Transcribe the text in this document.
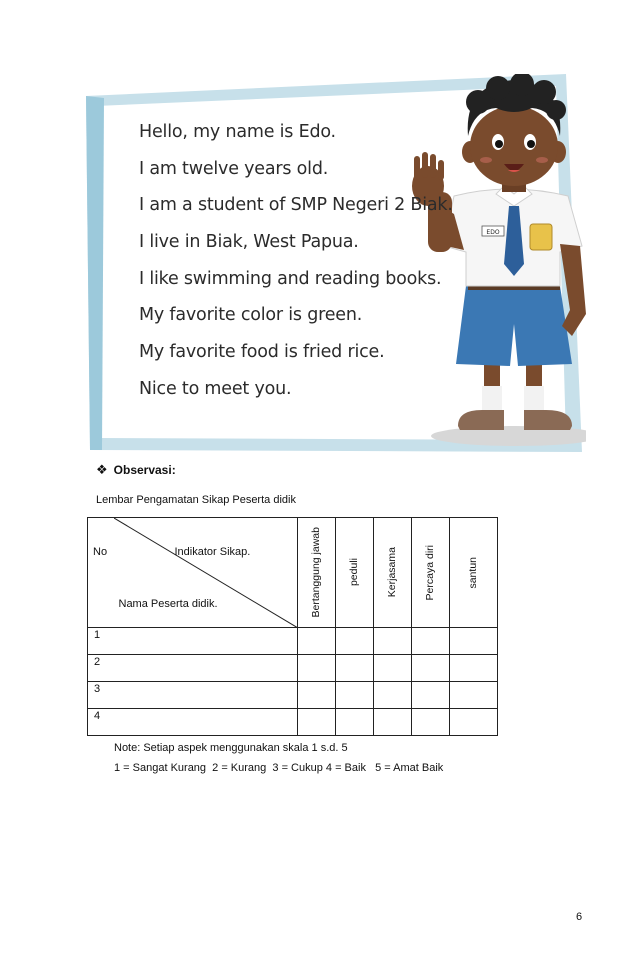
EDO
Hello, my name is Edo.
I am twelve years old.
I am a student of SMP Negeri 2 Biak.
I live in Biak, West Papua.
I like swimming and reading books.
My favorite color is green.
My favorite food is fried rice.
Nice to meet you.
❖ Observasi:
Lembar Pengamatan Sikap Peserta didik
No	Indikator Sikap.
Nama Peserta didik.	Bertanggung jawab	peduli	Kerjasama	Percaya diri	santun

1						
2						
3						
4						
Note: Setiap aspek menggunakan skala 1 s.d. 5
1 = Sangat Kurang  2 = Kurang  3 = Cukup 4 = Baik   5 = Amat Baik
6
